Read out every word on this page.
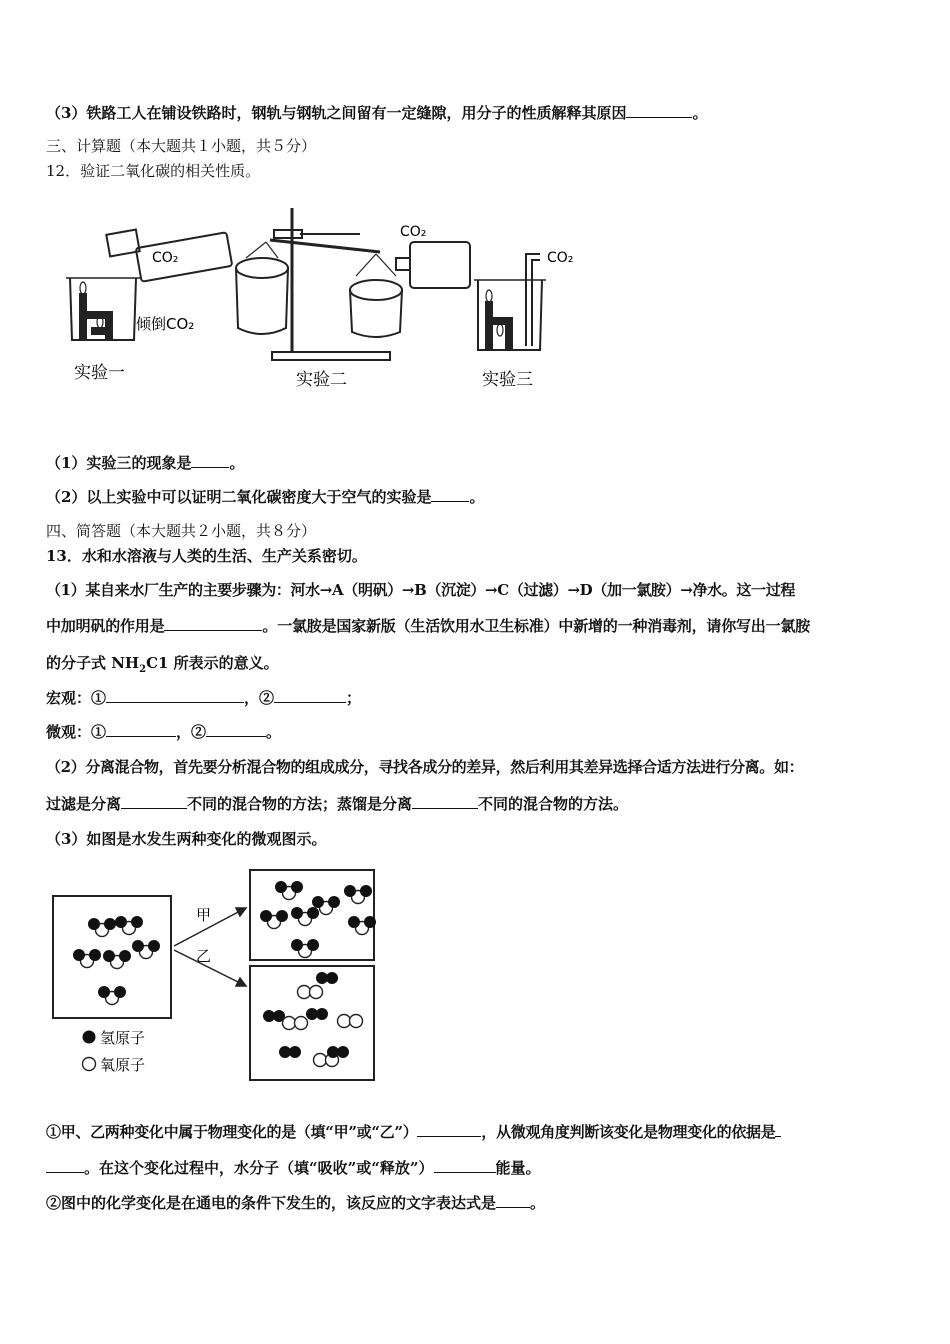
（3）铁路工人在铺设铁路时，钢轨与钢轨之间留有一定缝隙，用分子的性质解释其原因	。
三、计算题（本大题共１小题，共５分）
12．验证二氧化碳的相关性质。
CO₂
倾倒CO₂
实验一
CO₂
实验二
CO₂
实验三
（1）实验三的现象是	。
（2）以上实验中可以证明二氧化碳密度大于空气的实验是	。
四、简答题（本大题共２小题，共８分）
13．水和水溶液与人类的生活、生产关系密切。
（1）某自来水厂生产的主要步骤为：河水→A（明矾）→B（沉淀）→C（过滤）→D（加一氯胺）→净水。这一过程
中加明矾的作用是	。一氯胺是国家新版（生活饮用水卫生标准）中新增的一种消毒剂，请你写出一氯胺
的分子式 $NH_2C1$ 所表示的意义。
宏观：①	，②	；
微观：①	，②	。
（2）分离混合物，首先要分析混合物的组成成分，寻找各成分的差异，然后利用其差异选择合适方法进行分离。如：
过滤是分离	不同的混合物的方法；蒸馏是分离	不同的混合物的方法。
（3）如图是水发生两种变化的微观图示。
甲
乙
氢原子
氧原子
①甲、乙两种变化中属于物理变化的是（填“甲”或“乙”）	，从微观角度判断该变化是物理变化的依据是
。在这个变化过程中，水分子（填“吸收”或“释放”）	能量。
②图中的化学变化是在通电的条件下发生的，该反应的文字表达式是 。
